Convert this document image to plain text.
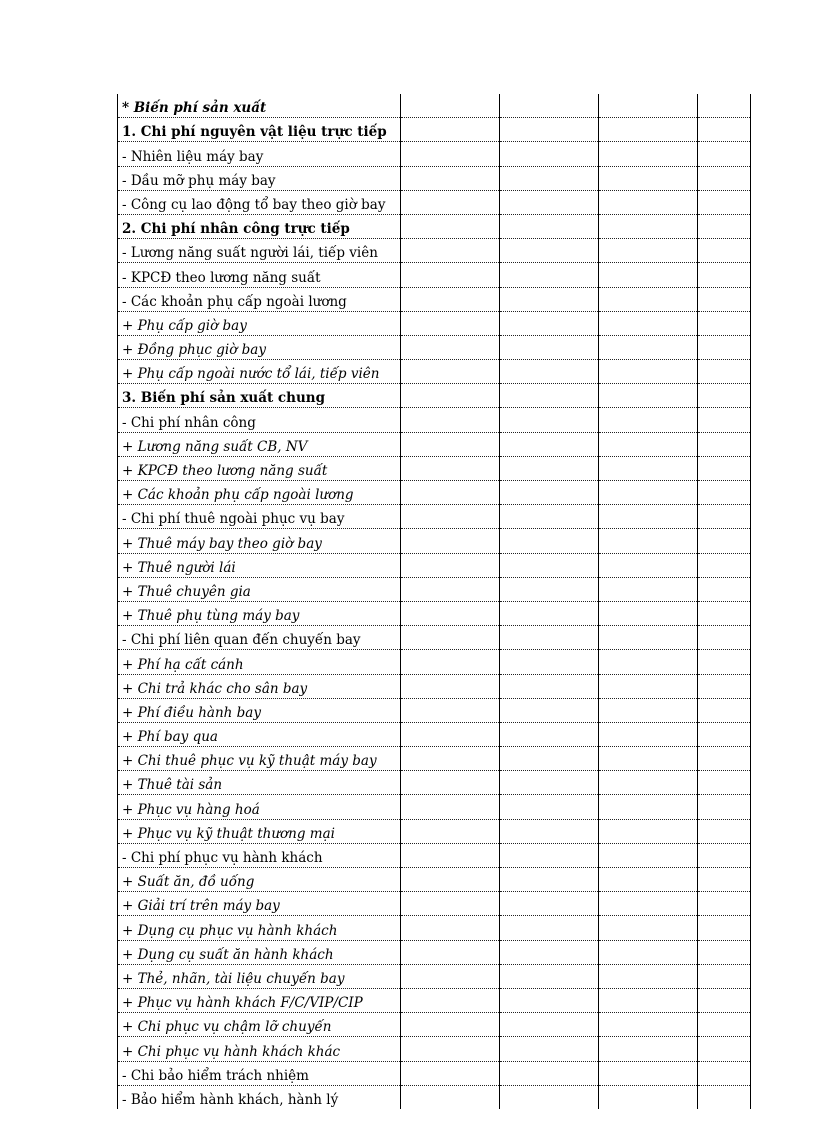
* Biến phí sản xuất				
1. Chi phí nguyên vật liệu trực tiếp				
- Nhiên liệu máy bay				
- Dầu mỡ phụ máy bay				
- Công cụ lao động tổ bay theo giờ bay				
2. Chi phí nhân công trực tiếp				
- Lương năng suất người lái, tiếp viên				
- KPCĐ theo lương năng suất				
- Các khoản phụ cấp ngoài lương				
+ Phụ cấp giờ bay				
+ Đồng phục giờ bay				
+ Phụ cấp ngoài nước tổ lái, tiếp viên				
3. Biến phí sản xuất chung				
- Chi phí nhân công				
+ Lương năng suất CB, NV				
+ KPCĐ theo lương năng suất				
+ Các khoản phụ cấp ngoài lương				
- Chi phí thuê ngoài phục vụ bay				
+ Thuê máy bay theo giờ bay				
+ Thuê người lái				
+ Thuê chuyên gia				
+ Thuê phụ tùng máy bay				
- Chi phí liên quan đến chuyến bay				
+ Phí hạ cất cánh				
+ Chi trả khác cho sân bay				
+ Phí điều hành bay				
+ Phí bay qua				
+ Chi thuê phục vụ kỹ thuật máy bay				
+ Thuê tài sản				
+ Phục vụ hàng hoá				
+ Phục vụ kỹ thuật thương mại				
- Chi phí phục vụ hành khách				
+ Suất ăn, đồ uống				
+ Giải trí trên máy bay				
+ Dụng cụ phục vụ hành khách				
+ Dụng cụ suất ăn hành khách				
+ Thẻ, nhãn, tài liệu chuyến bay				
+ Phục vụ hành khách F/C/VIP/CIP				
+ Chi phục vụ chậm lỡ chuyến				
+ Chi phục vụ hành khách khác				
- Chi bảo hiểm trách nhiệm				
- Bảo hiểm hành khách, hành lý				
